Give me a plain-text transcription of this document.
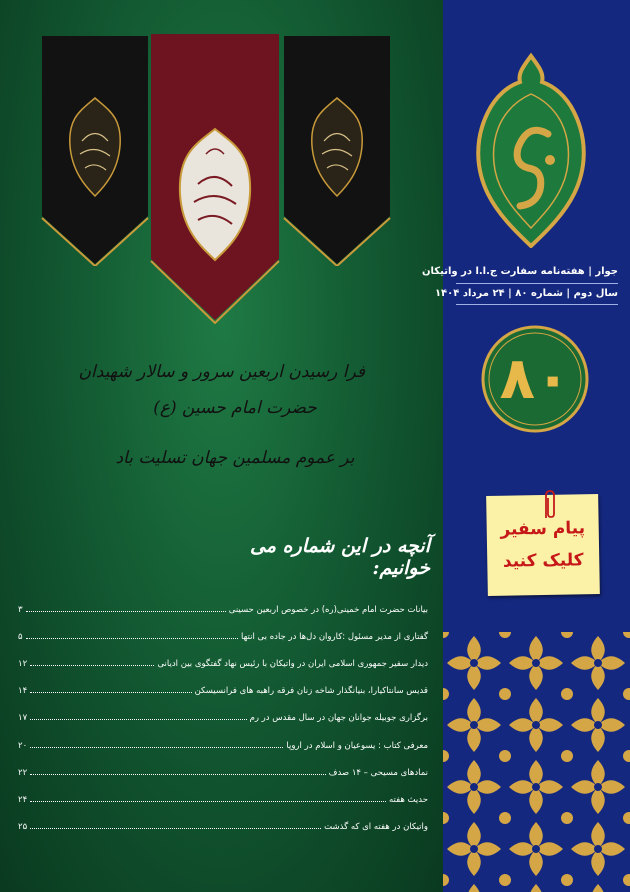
فرا رسیدن اربعین سرور و سالار شهیدان
حضرت امام حسین (ع)
بر عموم مسلمین جهان تسلیت باد
آنچه در این شماره می خوانیم:
بیانات حضرت امام خمینی(ره) در خصوص اربعین حسینی
۳
گفتاری از مدیر مسئول :کاروان دل‌ها در جاده بی انتها
۵
دیدار سفیر جمهوری اسلامی ایران در واتیکان با رئیس نهاد گفتگوی بین ادیانی
۱۲
قدیس سانتاکیارا، بنیانگذار شاخه زنان فرقه راهبه های فرانسیسکن
۱۴
برگزاری جوبیله جوانان جهان در سال مقدس در رم
۱۷
معرفی کتاب : یسوعیان و اسلام در اروپا
۲۰
نمادهای مسیحی – ۱۴ صدف
۲۲
حدیث هفته
۲۴
واتیکان در هفته ای که گذشت
۲۵
جوار | هفته‌نامه سفارت ج.ا.ا در واتیکان
سال دوم | شماره ۸۰ | ۲۴ مرداد ۱۴۰۴
۸۰
پیام سفیر
کلیک کنید
